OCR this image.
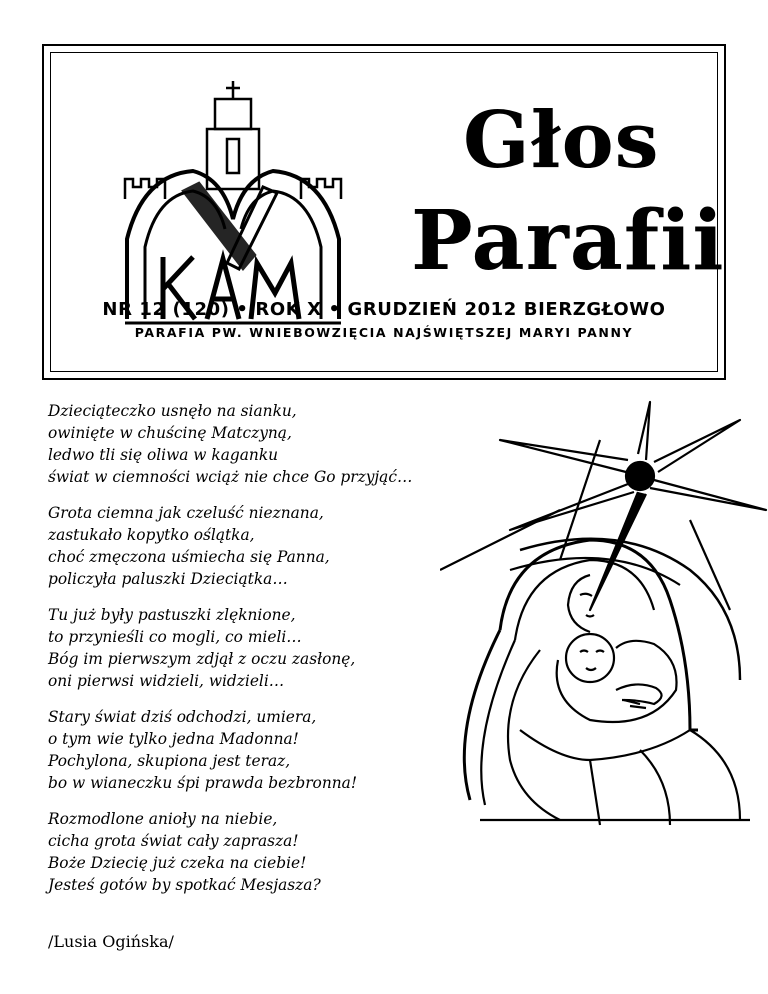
Głos
Parafii
NR 12 (120) • ROK X • GRUDZIEŃ 2012 BIERZGŁOWO
PARAFIA PW. WNIEBOWZIĘCIA NAJŚWIĘTSZEJ MARYI PANNY
Dzieciąteczko usnęło na sianku,
owinięte w chuścinę Matczyną,
ledwo tli się oliwa w kaganku
świat w ciemności wciąż nie chce Go przyjąć…
Grota ciemna jak czeluść nieznana,
zastukało kopytko oślątka,
choć zmęczona uśmiecha się Panna,
policzyła paluszki Dzieciątka…
Tu już były pastuszki zlęknione,
to przynieśli co mogli, co mieli…
Bóg im pierwszym zdjął z oczu zasłonę,
oni pierwsi widzieli, widzieli…
Stary świat dziś odchodzi, umiera,
o tym wie tylko jedna Madonna!
Pochylona, skupiona jest teraz,
bo w wianeczku śpi prawda bezbronna!
Rozmodlone anioły na niebie,
cicha grota świat cały zaprasza!
Boże Dziecię już czeka na ciebie!
Jesteś gotów by spotkać Mesjasza?
/Lusia Ogińska/
